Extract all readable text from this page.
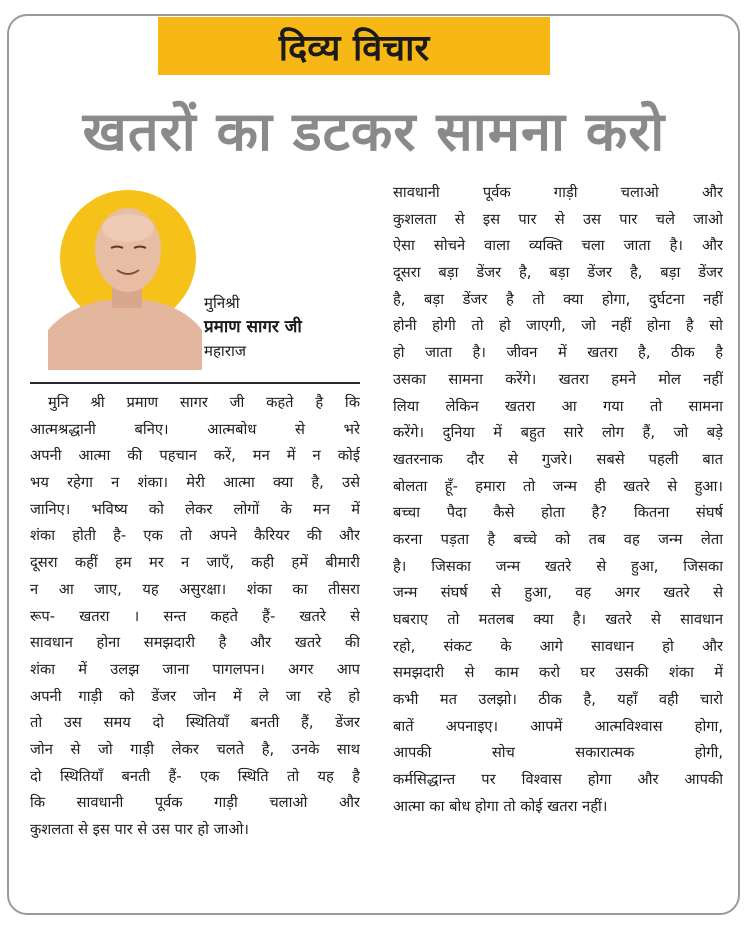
दिव्य विचार
खतरों का डटकर सामना करो
मुनिश्री
प्रमाण सागर जी
महाराज
मुनि श्री प्रमाण सागर जी कहते है कि
आत्मश्रद्धानी बनिए। आत्मबोध से भरे
अपनी आत्मा की पहचान करें, मन में न कोई
भय रहेगा न शंका। मेरी आत्मा क्या है, उसे
जानिए। भविष्य को लेकर लोगों के मन में
शंका होती है- एक तो अपने कैरियर की और
दूसरा कहीं हम मर न जाएँ, कही हमें बीमारी
न आ जाए, यह असुरक्षा। शंका का तीसरा
रूप- खतरा । सन्त कहते हैं- खतरे से
सावधान होना समझदारी है और खतरे की
शंका में उलझ जाना पागलपन। अगर आप
अपनी गाड़ी को डेंजर जोन में ले जा रहे हो
तो उस समय दो स्थितियाँ बनती हैं, डेंजर
जोन से जो गाड़ी लेकर चलते है, उनके साथ
दो स्थितियाँ बनती हैं- एक स्थिति तो यह है
कि सावधानी पूर्वक गाड़ी चलाओ और
कुशलता से इस पार से उस पार हो जाओ।
सावधानी पूर्वक गाड़ी चलाओ और
कुशलता से इस पार से उस पार चले जाओ
ऐसा सोचने वाला व्यक्ति चला जाता है। और
दूसरा बड़ा डेंजर है, बड़ा डेंजर है, बड़ा डेंजर
है, बड़ा डेंजर है तो क्या होगा, दुर्घटना नहीं
होनी होगी तो हो जाएगी, जो नहीं होना है सो
हो जाता है। जीवन में खतरा है, ठीक है
उसका सामना करेंगे। खतरा हमने मोल नहीं
लिया लेकिन खतरा आ गया तो सामना
करेंगे। दुनिया में बहुत सारे लोग हैं, जो बड़े
खतरनाक दौर से गुजरे। सबसे पहली बात
बोलता हूँ- हमारा तो जन्म ही खतरे से हुआ।
बच्चा पैदा कैसे होता है? कितना संघर्ष
करना पड़ता है बच्चे को तब वह जन्म लेता
है। जिसका जन्म खतरे से हुआ, जिसका
जन्म संघर्ष से हुआ, वह अगर खतरे से
घबराए तो मतलब क्या है। खतरे से सावधान
रहो, संकट के आगे सावधान हो और
समझदारी से काम करो घर उसकी शंका में
कभी मत उलझो। ठीक है, यहाँ वही चारो
बातें अपनाइए। आपमें आत्मविश्वास होगा,
आपकी सोच सकारात्मक होगी,
कर्मसिद्धान्त पर विश्वास होगा और आपकी
आत्मा का बोध होगा तो कोई खतरा नहीं।
